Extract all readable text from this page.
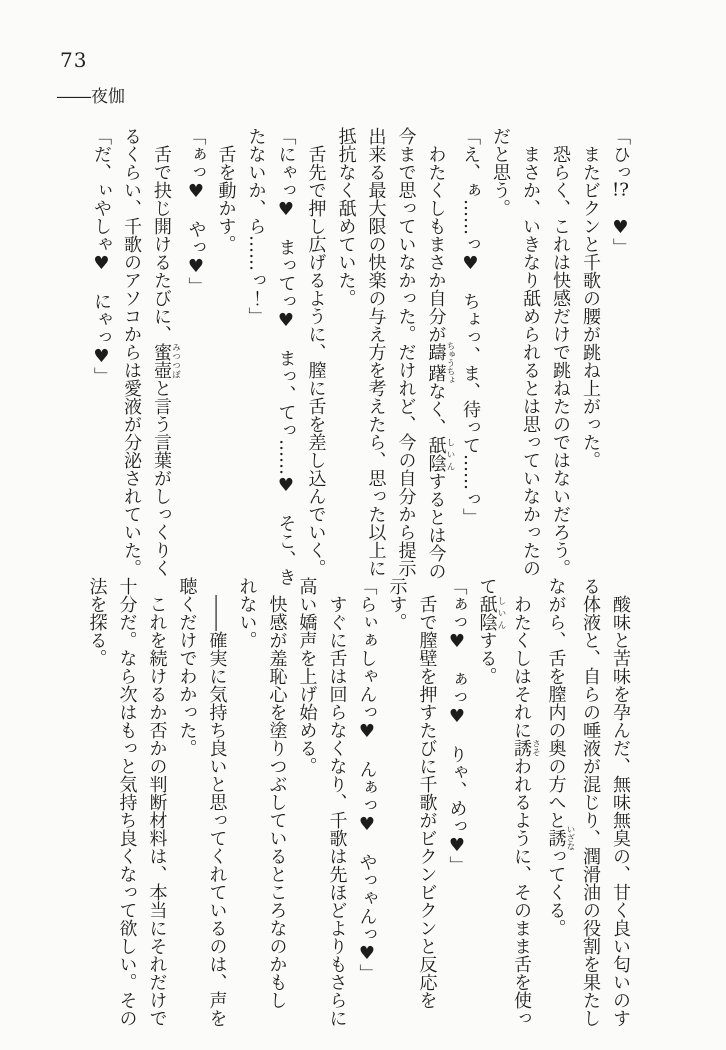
73
――夜伽
「ひっ!?　♥」
　またビクンと千歌の腰が跳ね上がった。
　恐らく、これは快感だけで跳ねたのではないだろう。
　まさか、いきなり舐められるとは思っていなかったの
だと思う。
「え、ぁ……っ♥　ちょっ、ま、待って……っ」
　わたくしもまさか自分が躊躇ちゅうちょなく、舐陰しいんするとは今の
今まで思っていなかった。だけれど、今の自分から提示
出来る最大限の快楽の与え方を考えたら、思った以上に
抵抗なく舐めていた。
　舌先で押し広げるように、膣に舌を差し込んでいく。
「にゃっ♥　まってっ♥　まっ、てっ……♥　そこ、き
たないか、ら……っ！」
　舌を動かす。
「ぁっ♥　やっ♥」
　舌で抉じ開けるたびに、蜜壺みつつぼと言う言葉がしっくりく
るくらい、千歌のアソコからは愛液が分泌されていた。
「だ、ぃやしゃ♥　にゃっ♥」
　酸味と苦味を孕んだ、無味無臭の、甘く良い匂いのす
る体液と、自らの唾液が混じり、潤滑油の役割を果たし
ながら、舌を膣内の奥の方へと誘いざなってくる。
　わたくしはそれに誘さそわれるように、そのまま舌を使っ
て舐陰しいんする。
「ぁっ♥　ぁっ♥　りゃ、めっ♥」
　舌で膣壁を押すたびに千歌がビクンビクンと反応を
示す。
「らぃぁしゃんっ♥　んぁっ♥　やっゃんっ♥」
　すぐに舌は回らなくなり、千歌は先ほどよりもさらに
高い嬌声を上げ始める。
　快感が羞恥心を塗りつぶしているところなのかもし
れない。
　――確実に気持ち良いと思ってくれているのは、声を
聴くだけでわかった。
　これを続けるか否かの判断材料は、本当にそれだけで
十分だ。なら次はもっと気持ち良くなって欲しい。その
法を探る。
